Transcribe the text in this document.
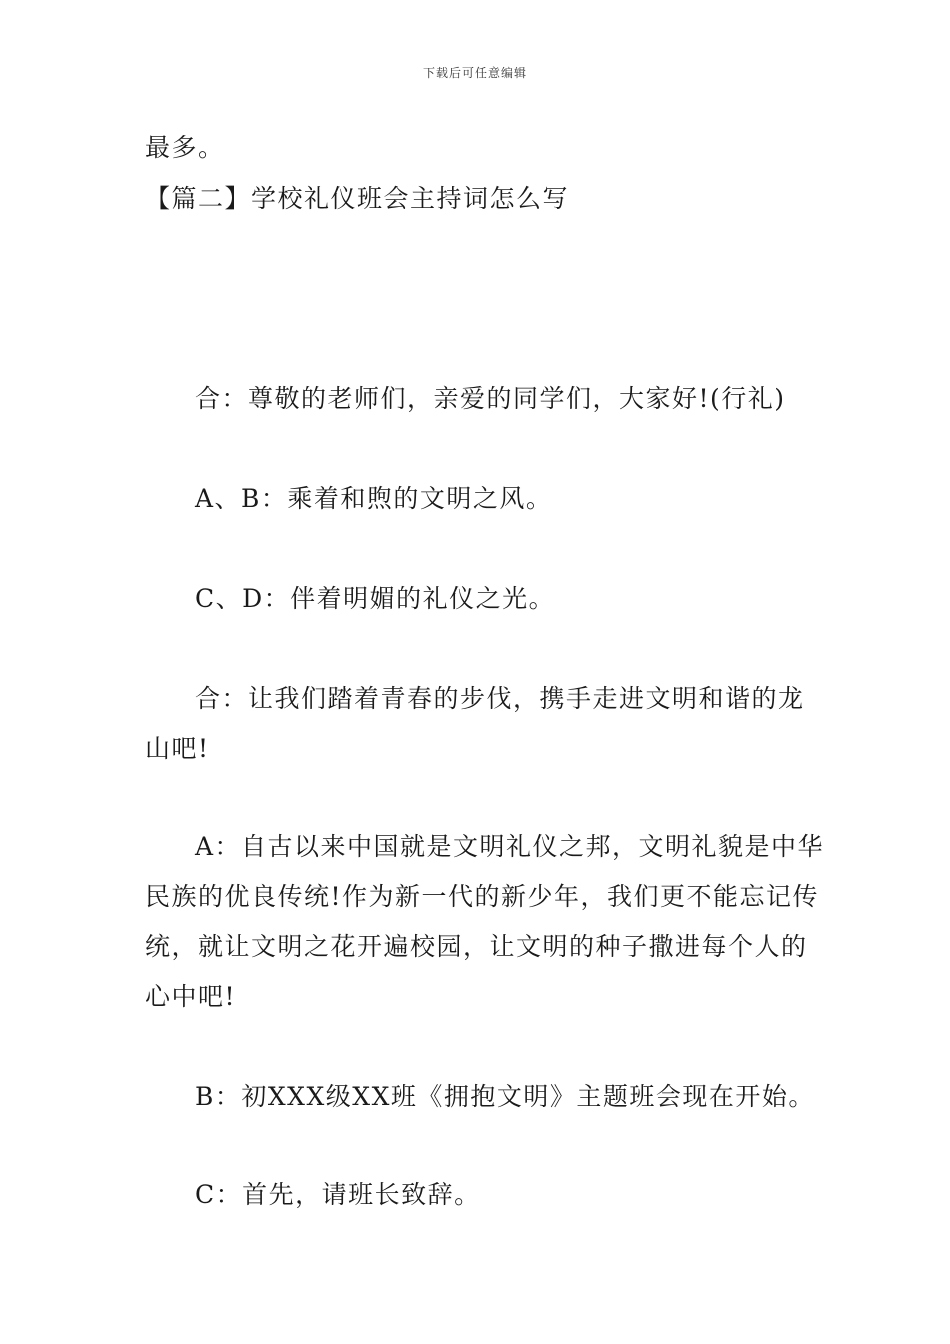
下载后可任意编辑
最多。
【篇二】学校礼仪班会主持词怎么写
合：尊敬的老师们，亲爱的同学们，大家好!(行礼)
A、B：乘着和煦的文明之风。
C、D：伴着明媚的礼仪之光。
合：让我们踏着青春的步伐，携手走进文明和谐的龙
山吧!
A：自古以来中国就是文明礼仪之邦，文明礼貌是中华
民族的优良传统!作为新一代的新少年，我们更不能忘记传
统，就让文明之花开遍校园，让文明的种子撒进每个人的
心中吧!
B：初XXX级XX班《拥抱文明》主题班会现在开始。
C：首先，请班长致辞。
